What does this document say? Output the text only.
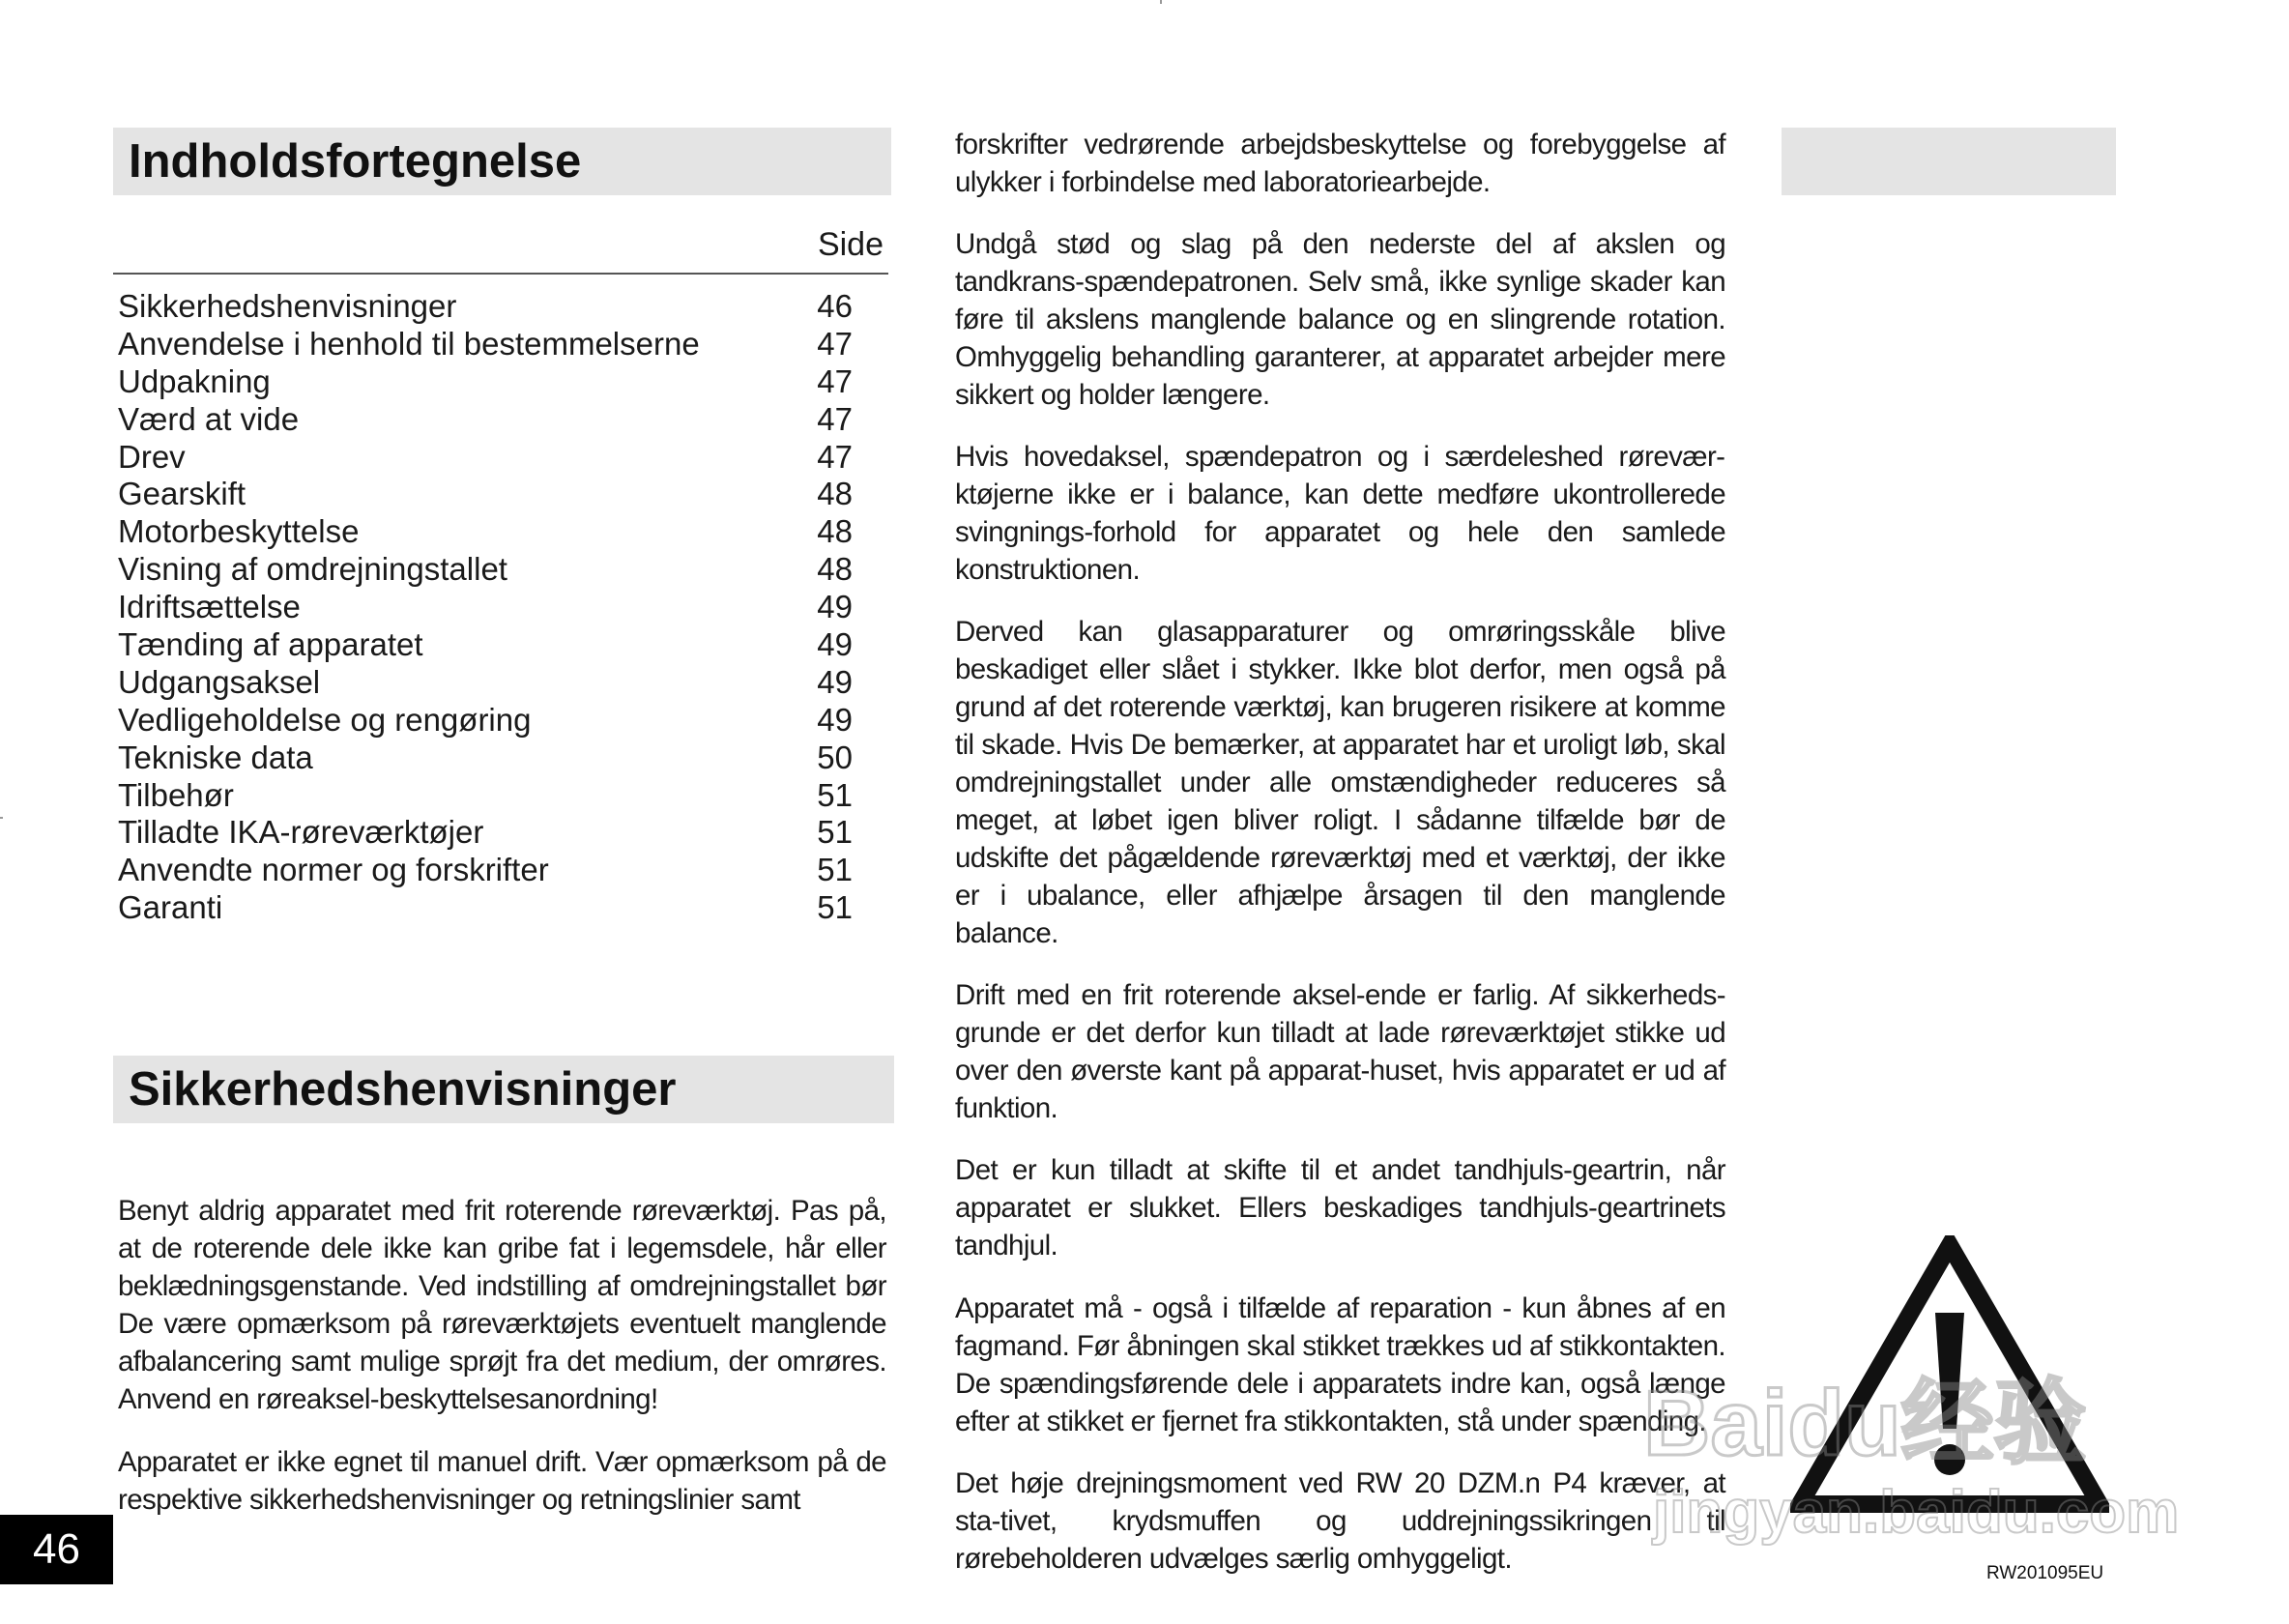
Indholdsfortegnelse
Side
Sikkerhedshenvisninger	46
Anvendelse i henhold til bestemmelserne	47
Udpakning	47
Værd at vide	47
Drev	47
Gearskift	48
Motorbeskyttelse	48
Visning af omdrejningstallet	48
Idriftsættelse	49
Tænding af apparatet	49
Udgangsaksel	49
Vedligeholdelse og rengøring	49
Tekniske data	50
Tilbehør	51
Tilladte IKA-røreværktøjer	51
Anvendte normer og forskrifter	51
Garanti	51
Sikkerhedshenvisninger

Benyt aldrig apparatet med frit roterende røreværktøj. Pas på, at de roterende dele ikke kan gribe fat i legemsdele, hår eller beklædningsgenstande. Ved indstilling af omdrejningstallet bør De være opmærksom på røreværktøjets eventuelt manglende afbalancering samt mulige sprøjt fra det medium, der omrøres. Anvend en røreaksel-beskyttelsesanordning!

Apparatet er ikke egnet til manuel drift. Vær opmærksom på de respektive sikkerhedshenvisninger og retningslinier samt

forskrifter vedrørende arbejdsbeskyttelse og forebyggelse af ulykker i forbindelse med laboratoriearbejde.

Undgå stød og slag på den nederste del af akslen og tandkrans-spændepatronen. Selv små, ikke synlige skader kan føre til akslens manglende balance og en slingrende rotation. Omhyggelig behandling garanterer, at apparatet arbejder mere sikkert og holder længere.

Hvis hovedaksel, spændepatron og i særdeleshed røreværktøjerne ikke er i balance, kan dette medføre ukontrollerede svingnings-forhold for apparatet og hele den samlede konstruktionen.

Derved kan glasapparaturer og omrøringsskåle blive beskadiget eller slået i stykker. Ikke blot derfor, men også på grund af det roterende værktøj, kan brugeren risikere at komme til skade. Hvis De bemærker, at apparatet har et uroligt løb, skal omdrejningstallet under alle omstændigheder reduceres så meget, at løbet igen bliver roligt. I sådanne tilfælde bør de udskifte det pågældende røreværktøj med et værktøj, der ikke er i ubalance, eller afhjælpe årsagen til den manglende balance.

Drift med en frit roterende aksel-ende er farlig. Af sikkerheds-grunde er det derfor kun tilladt at lade røreværktøjet stikke ud over den øverste kant på apparat-huset, hvis apparatet er ud af funktion.

Det er kun tilladt at skifte til et andet tandhjuls-geartrin, når apparatet er slukket. Ellers beskadiges tandhjuls-geartrinets tandhjul.

Apparatet må - også i tilfælde af reparation - kun åbnes af en fagmand. Før åbningen skal stikket trækkes ud af stikkontakten. De spændingsførende dele i apparatets indre kan, også længe efter at stikket er fjernet fra stikkontakten, stå under spænding.

Det høje drejningsmoment ved RW 20 DZM.n P4 kræver, at sta-tivet, krydsmuffen og uddrejningssikringen til rørebeholderen udvælges særlig omhyggeligt.

Baidu经验
jingyan.baidu.com
46
RW201095EU
